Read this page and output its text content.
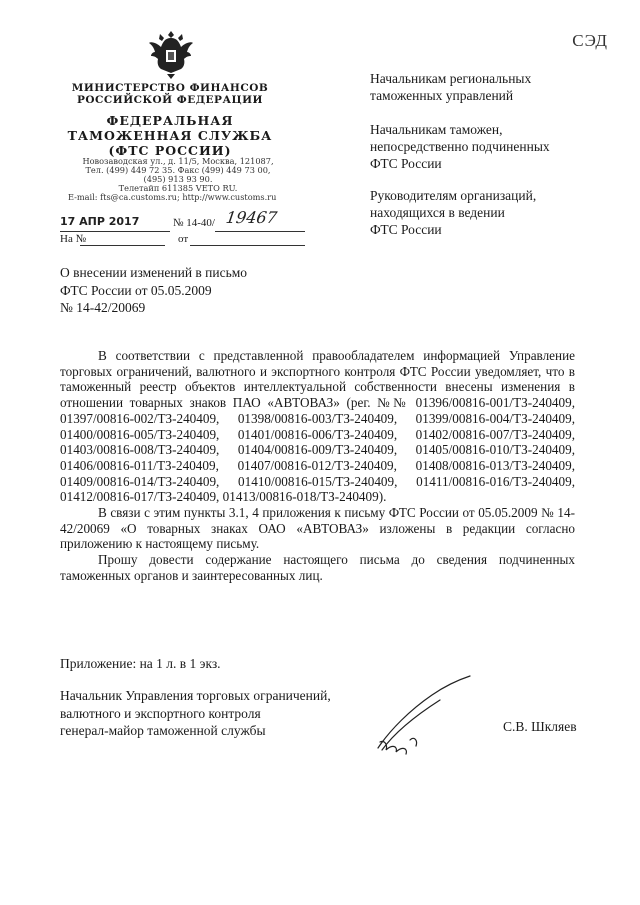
СЭД
МИНИСТЕРСТВО ФИНАНСОВ
РОССИЙСКОЙ ФЕДЕРАЦИИ
ФЕДЕРАЛЬНАЯ
ТАМОЖЕННАЯ СЛУЖБА
(ФТС РОССИИ)
Новозаводская ул., д. 11/5, Москва, 121087,
Тел. (499) 449 72 35. Факс (499) 449 73 00,
(495) 913 93 90.
Телетайп 611385 VETO RU.
E-mail: fts@ca.customs.ru; http://www.customs.ru
17 АПР 2017	№ 14-40/ 19467
На №	от
Начальникам региональных
таможенных управлений
Начальникам таможен,
непосредственно подчиненных
ФТС России
Руководителям организаций,
находящихся в ведении
ФТС России
О внесении изменений в письмо
ФТС России от 05.05.2009
№ 14-42/20069

В соответствии с представленной правообладателем информацией Управление торговых ограничений, валютного и экспортного контроля ФТС России уведомляет, что в таможенный реестр объектов интеллектуальной собственности внесены изменения в отношении товарных знаков ПАО «АВТОВАЗ» (рег. №№ 01396/00816-001/ТЗ-240409, 01397/00816-002/ТЗ-240409, 01398/00816-003/ТЗ-240409, 01399/00816-004/ТЗ-240409, 01400/00816-005/ТЗ-240409, 01401/00816-006/ТЗ-240409, 01402/00816-007/ТЗ-240409, 01403/00816-008/ТЗ-240409, 01404/00816-009/ТЗ-240409, 01405/00816-010/ТЗ-240409, 01406/00816-011/ТЗ-240409, 01407/00816-012/ТЗ-240409, 01408/00816-013/ТЗ-240409, 01409/00816-014/ТЗ-240409, 01410/00816-015/ТЗ-240409, 01411/00816-016/ТЗ-240409, 01412/00816-017/ТЗ-240409, 01413/00816-018/ТЗ-240409).

В связи с этим пункты 3.1, 4 приложения к письму ФТС России от 05.05.2009 № 14-42/20069 «О товарных знаках ОАО «АВТОВАЗ» изложены в редакции согласно приложению к настоящему письму.

Прошу довести содержание настоящего письма до сведения подчиненных таможенных органов и заинтересованных лиц.

Приложение: на 1 л. в 1 экз.
Начальник Управления торговых ограничений,
валютного и экспортного контроля
генерал-майор таможенной службы	С.В. Шкляев
